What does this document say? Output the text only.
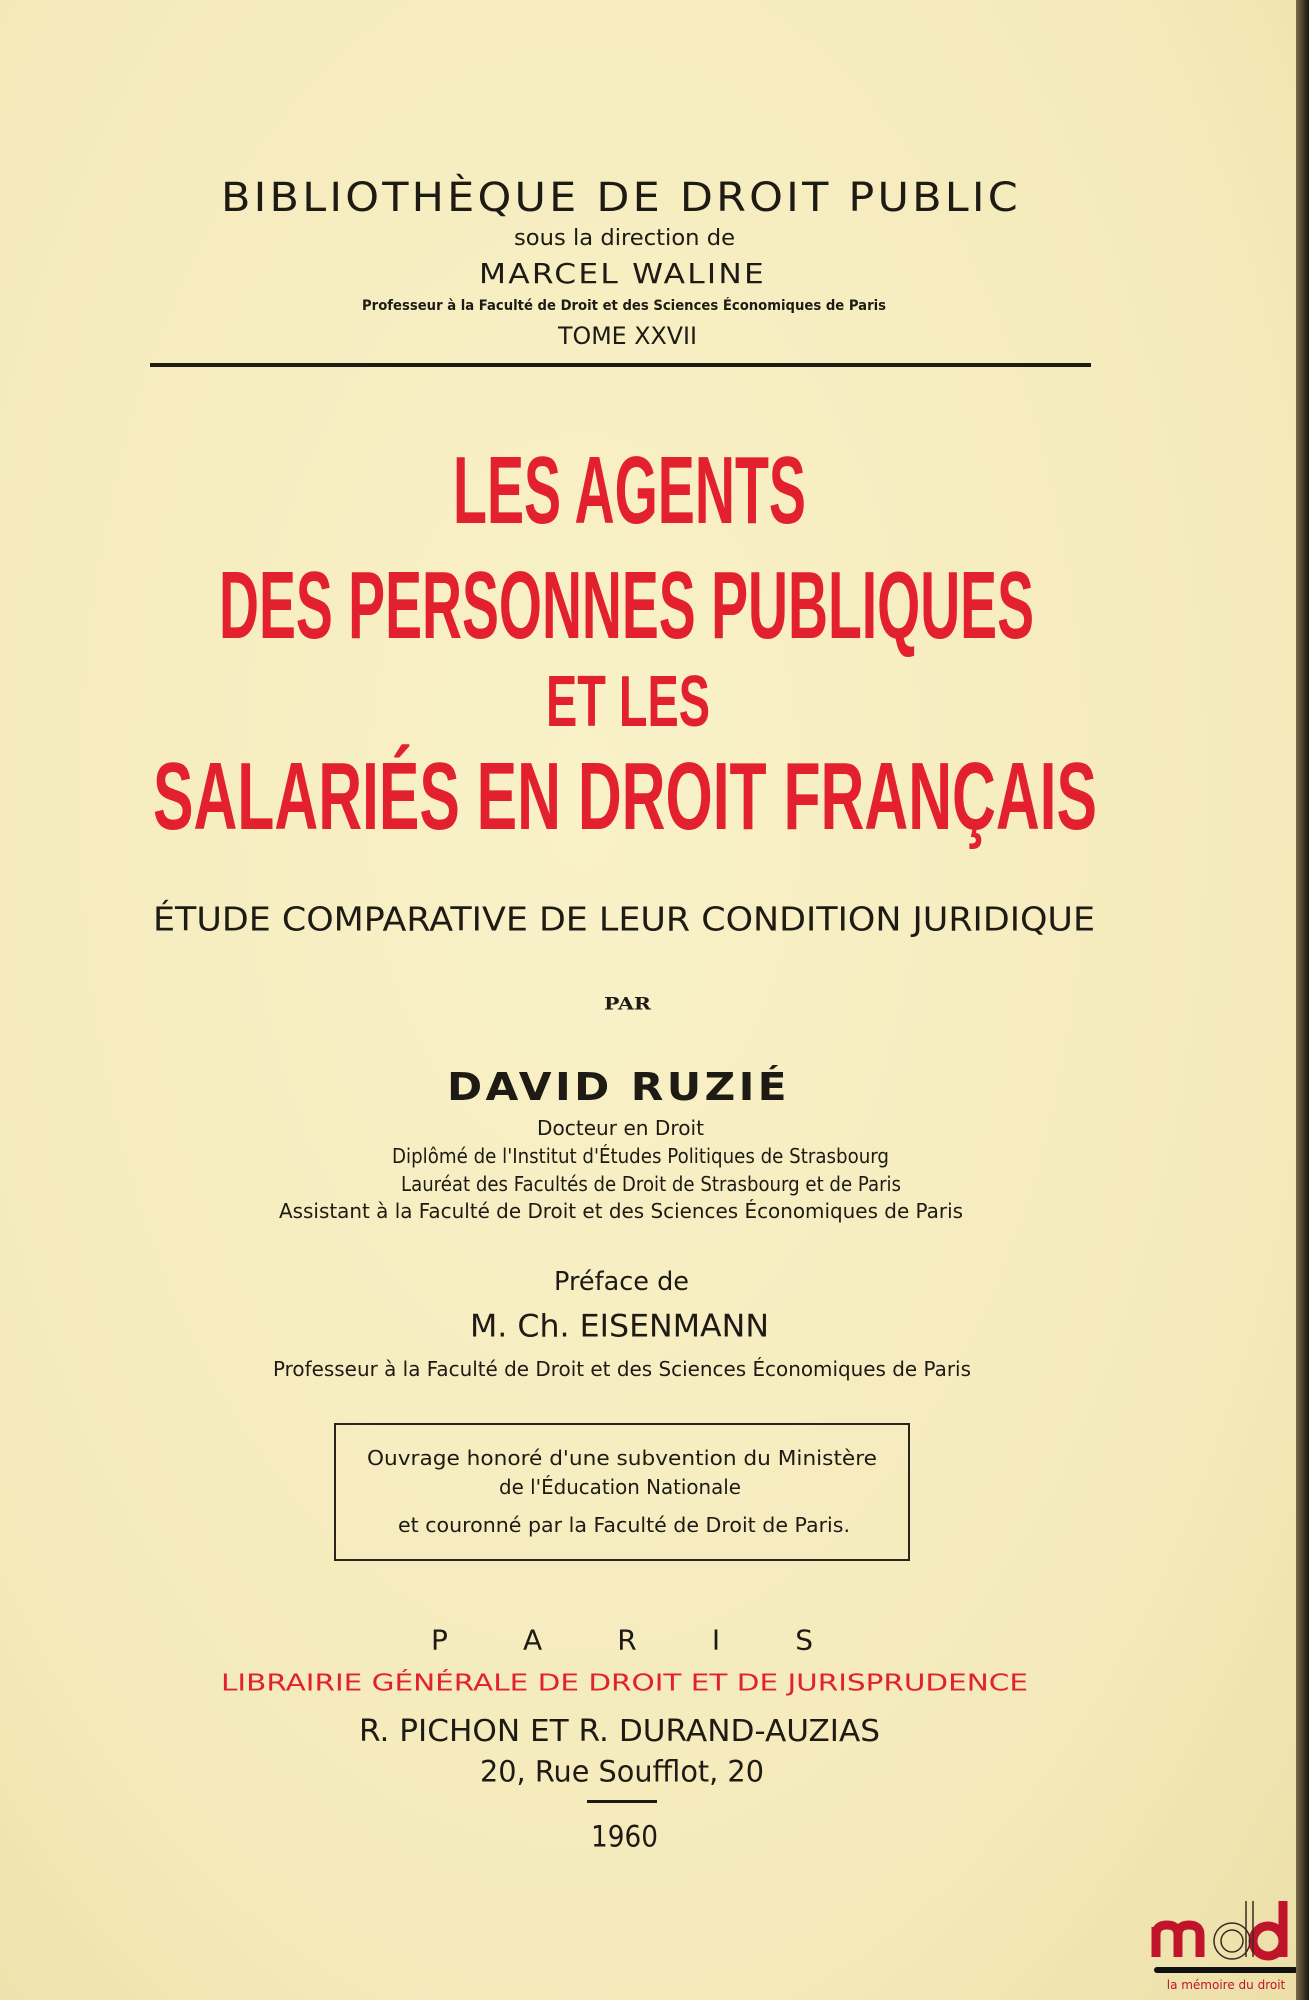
BIBLIOTHÈQUE DE DROIT PUBLIC
sous la direction de
MARCEL WALINE
Professeur à la Faculté de Droit et des Sciences Économiques de Paris
TOME XXVII
LES AGENTS
DES PERSONNES PUBLIQUES
ET LES
SALARIÉS EN DROIT FRANÇAIS
ÉTUDE COMPARATIVE DE LEUR CONDITION JURIDIQUE
PAR
DAVID RUZIÉ
Docteur en Droit
Diplômé de l'Institut d'Études Politiques de Strasbourg
Lauréat des Facultés de Droit de Strasbourg et de Paris
Assistant à la Faculté de Droit et des Sciences Économiques de Paris
Préface de
M. Ch. EISENMANN
Professeur à la Faculté de Droit et des Sciences Économiques de Paris
Ouvrage honoré d'une subvention du Ministère
de l'Éducation Nationale
et couronné par la Faculté de Droit de Paris.
P	A	R	I	S
LIBRAIRIE GÉNÉRALE DE DROIT ET DE JURISPRUDENCE
R. PICHON ET R. DURAND-AUZIAS
20, Rue Soufflot, 20
1960
la mémoire du droit
